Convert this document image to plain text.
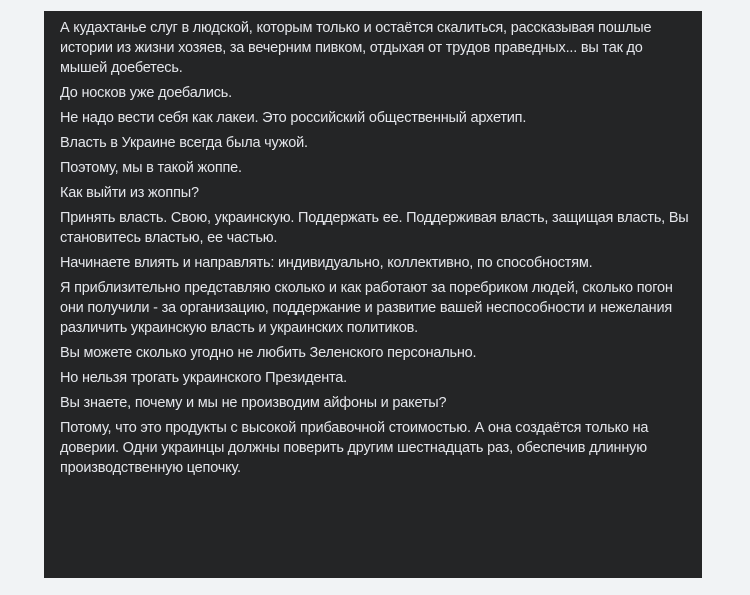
А кудахтанье слуг в людской, которым только и остаётся скалиться, рассказывая пошлые истории из жизни хозяев, за вечерним пивком, отдыхая от трудов праведных... вы так до мышей доебетесь.

До носков уже доебались.

Не надо вести себя как лакеи. Это российский общественный архетип.

Власть в Украине всегда была чужой.

Поэтому, мы в такой жоппе.

Как выйти из жоппы?

Принять власть. Свою, украинскую. Поддержать ее. Поддерживая власть, защищая власть, Вы становитесь властью, ее частью.

Начинаете влиять и направлять: индивидуально, коллективно, по способностям.

Я приблизительно представляю сколько и как работают за поребриком людей, сколько погон они получили - за организацию, поддержание и развитие вашей неспособности и нежелания различить украинскую власть и украинских политиков.

Вы можете сколько угодно не любить Зеленского персонально.

Но нельзя трогать украинского Президента.

Вы знаете, почему и мы не производим айфоны и ракеты?

Потому, что это продукты с высокой прибавочной стоимостью. А она создаётся только на доверии. Одни украинцы должны поверить другим шестнадцать раз, обеспечив длинную производственную цепочку.
